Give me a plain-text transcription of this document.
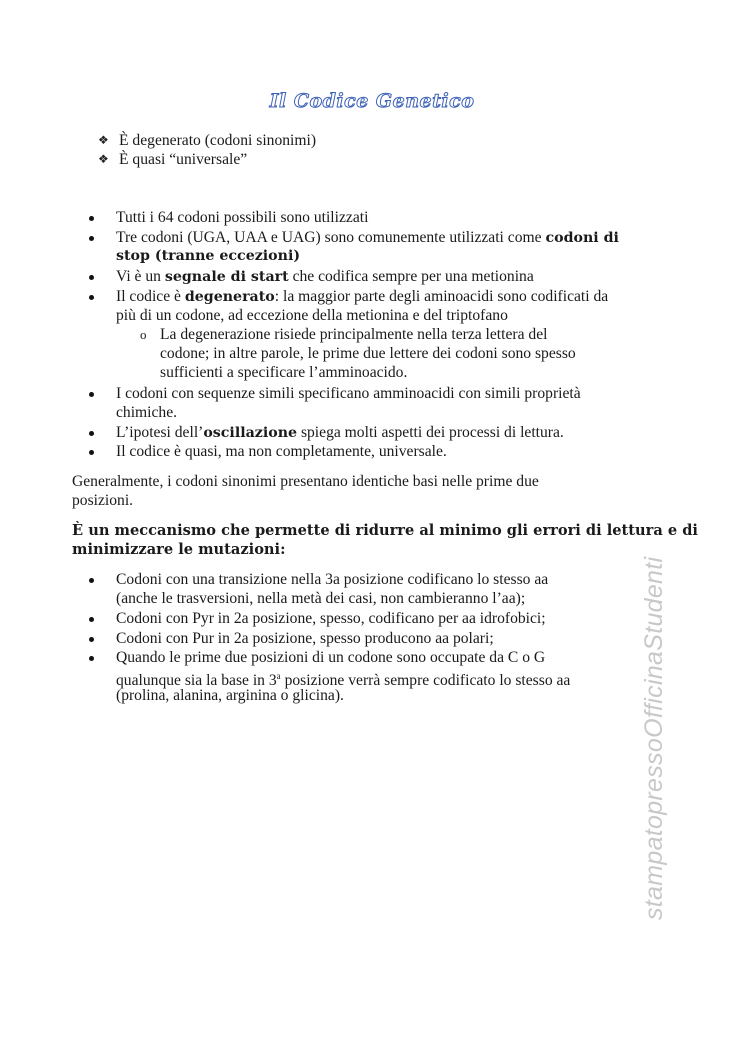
Il Codice Genetico
❖ È degenerato (codoni sinonimi)
❖ È quasi “universale”
Tutti i 64 codoni possibili sono utilizzati
Tre codoni (UGA, UAA e UAG) sono comunemente utilizzati come codoni di
stop (tranne eccezioni)
Vi è un segnale di start che codifica sempre per una metionina
Il codice è degenerato: la maggior parte degli aminoacidi sono codificati da
più di un codone, ad eccezione della metionina e del triptofano
o La degenerazione risiede principalmente nella terza lettera del
codone; in altre parole, le prime due lettere dei codoni sono spesso
sufficienti a specificare l’amminoacido.
I codoni con sequenze simili specificano amminoacidi con simili proprietà
chimiche.
L’ipotesi dell’oscillazione spiega molti aspetti dei processi di lettura.
Il codice è quasi, ma non completamente, universale.
Generalmente, i codoni sinonimi presentano identiche basi nelle prime due
posizioni.
È un meccanismo che permette di ridurre al minimo gli errori di lettura e di
minimizzare le mutazioni:
Codoni con una transizione nella 3a posizione codificano lo stesso aa
(anche le trasversioni, nella metà dei casi, non cambieranno l’aa);
Codoni con Pyr in 2a posizione, spesso, codificano per aa idrofobici;
Codoni con Pur in 2a posizione, spesso producono aa polari;
Quando le prime due posizioni di un codone sono occupate da C o G
qualunque sia la base in 3$^a$ posizione verrà sempre codificato lo stesso aa
(prolina, alanina, arginina o glicina).	stampatopressoOfficinaStudenti
